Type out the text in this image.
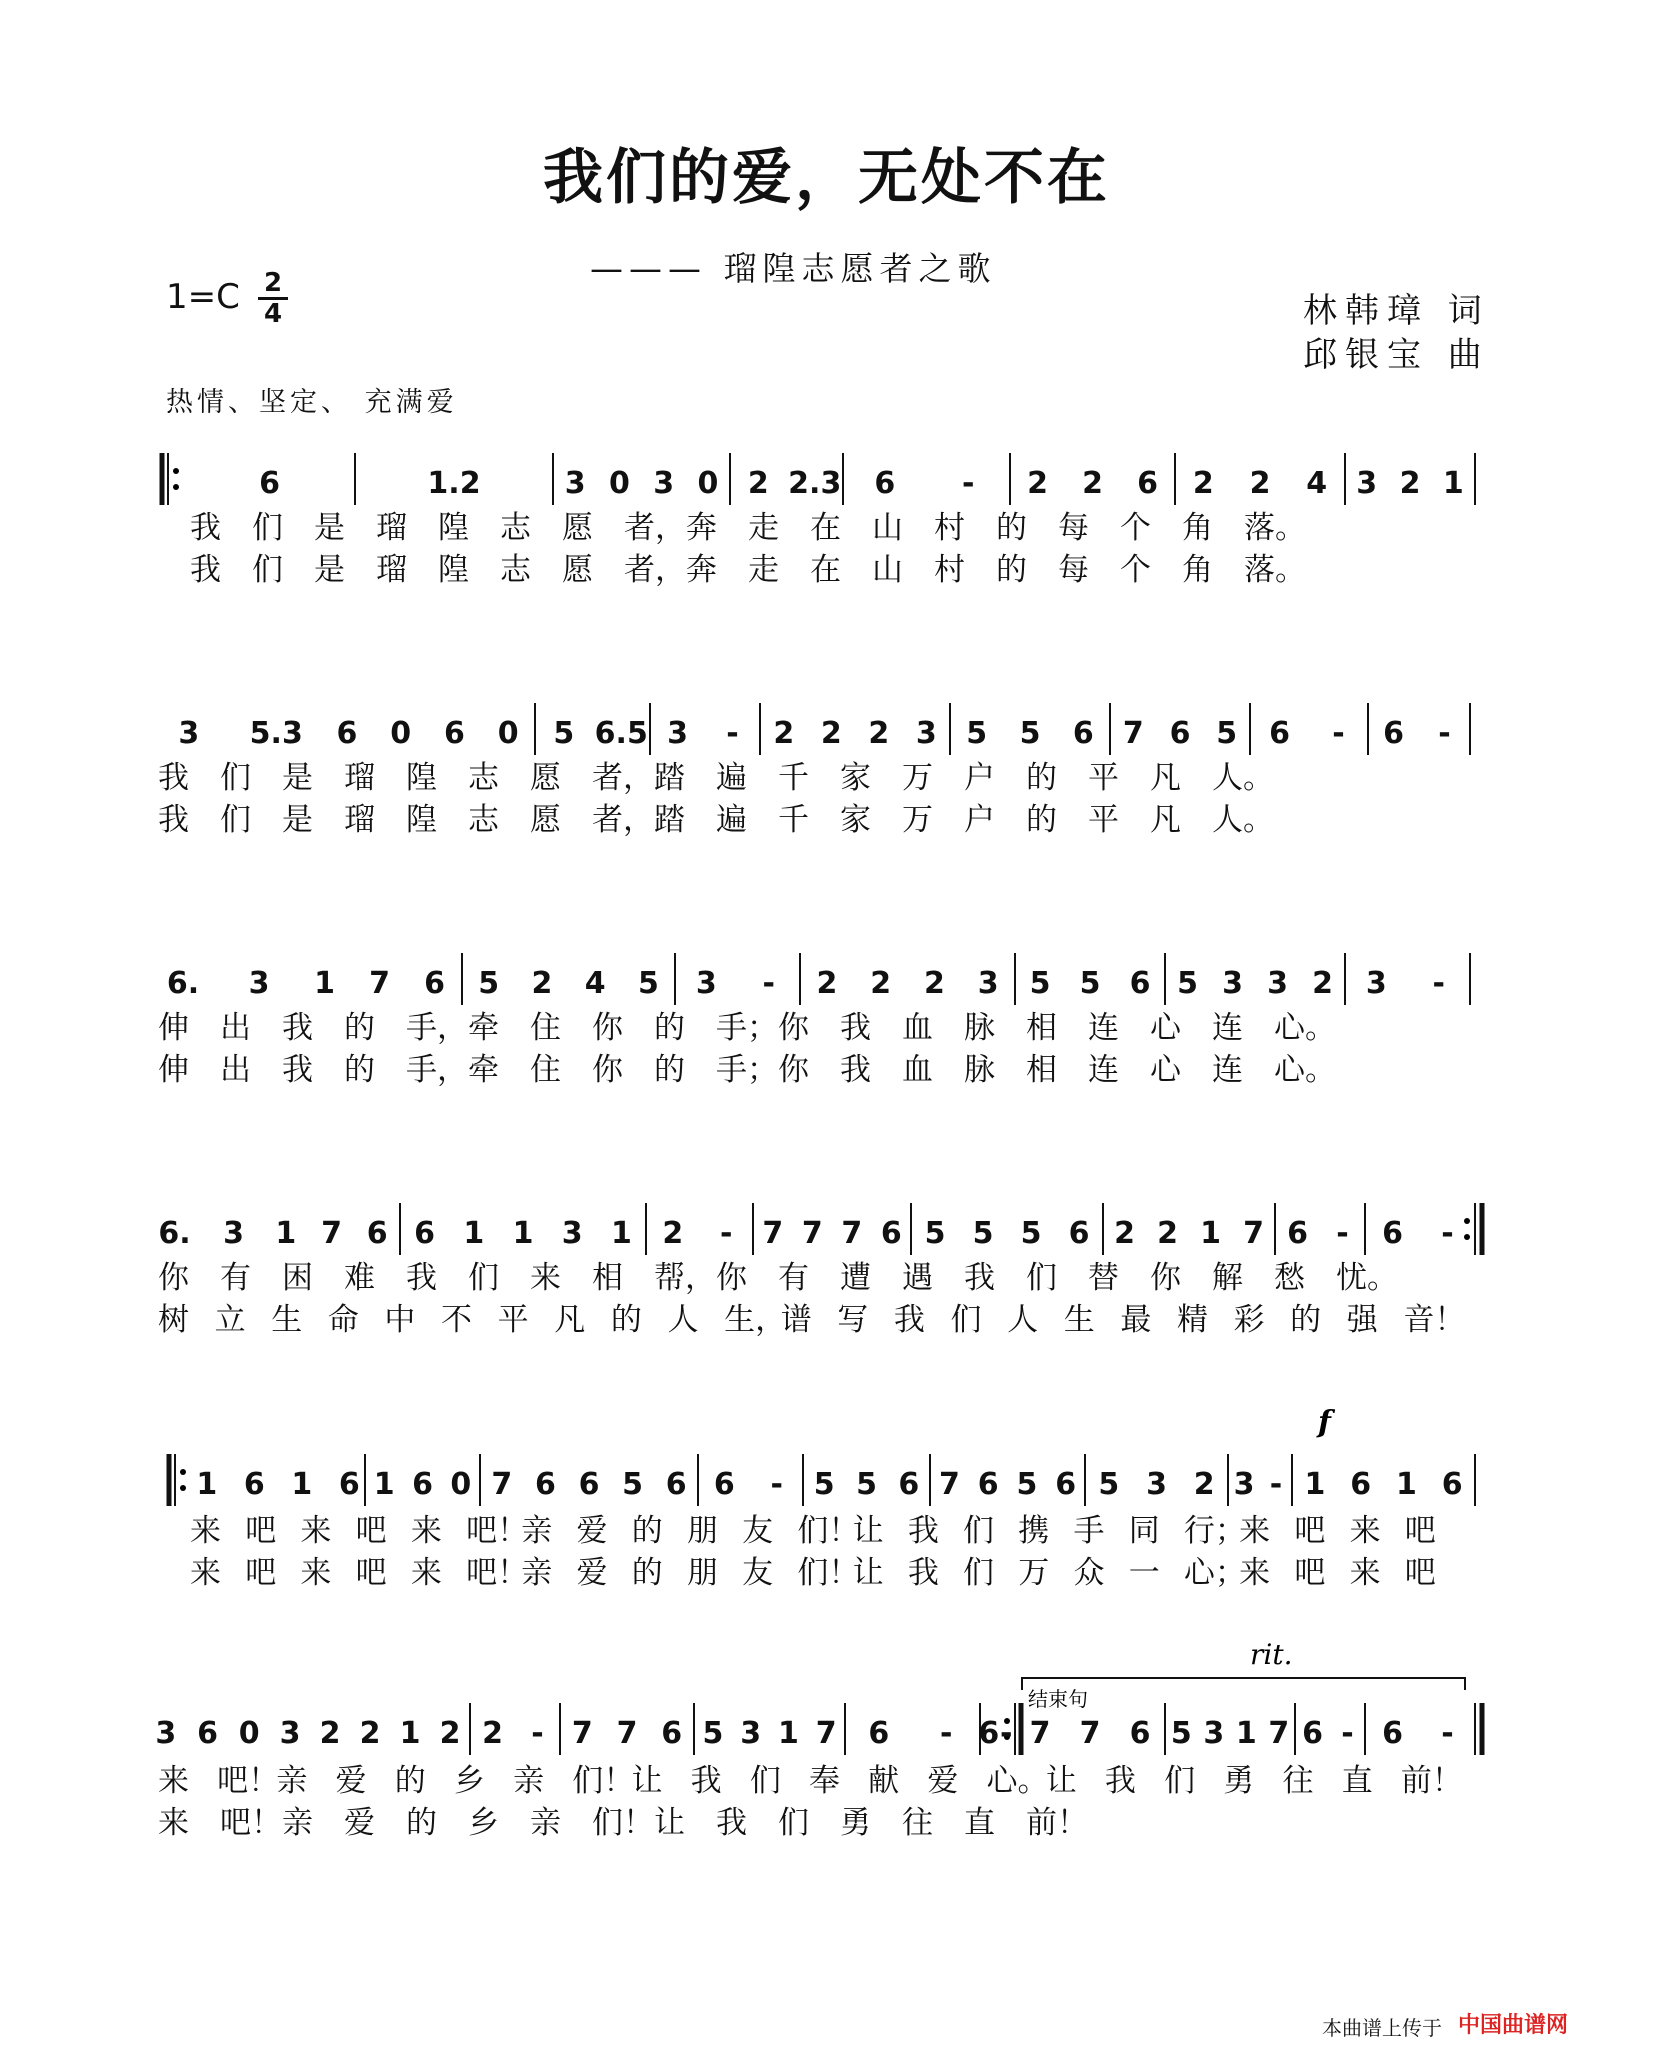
我们的爱，无处不在
——— 瑠隍志愿者之歌
1=C 2
4	林韩璋 词
邱银宝 曲
热情、坚定、 充满爱
6	1.2	3 0 3 0 2 2.3 6 - 2 2 6 2 2 4 3 2 1
3 5.3 6 0 6 0 5 6.5 3 - 2 2 2 3 5 5 6 7 6 5 6 - 6 -
6. 3 1 7 6 5 2 4 5 3 - 2 2 2 3 5 5 6 5 3 3 2 3 -
6. 3 1 7 6 6 1 1 3 1 2 - 7 7 7 6 5 5 5 6 2 2 1 7 6 - 6 -
1 6 1 6 1 6 0 7 6 6 5 6 6 - 5 5 6 7 6 5 6 5 3 2 3 - 1 6 1 6
f
3 6 0 3 2 2 1 2 2 - 7 7 6 5 3 1 7 6 - 6 - 7 7 6 5 3 1 7 6 - 6 -
结束句
rit.
我 们 是 瑠 隍 志 愿 者， 奔 走 在 山 村 的 每 个 角 落。
我 们 是 瑠 隍 志 愿 者， 奔 走 在 山 村 的 每 个 角 落。
我 们 是 瑠 隍 志 愿 者， 踏 遍 千 家 万 户 的 平 凡 人。
我 们 是 瑠 隍 志 愿 者， 踏 遍 千 家 万 户 的 平 凡 人。
伸 出 我 的 手， 牵 住 你 的 手； 你 我 血 脉 相 连 心 连 心。
伸 出 我 的 手， 牵 住 你 的 手； 你 我 血 脉 相 连 心 连 心。
你 有 困 难 我 们 来 相 帮， 你 有 遭 遇 我 们 替 你 解 愁 忧。
树 立 生 命 中 不 平 凡 的 人 生，
谱 写 我 们 人 生 最 精 彩 的 强 音！
来 吧 来 吧 来 吧！
亲 爱 的 朋 友 们！
让 我 们 携 手 同 行；
来 吧 来 吧
来 吧 来 吧 来 吧！
亲 爱 的 朋 友 们！
让 我 们 万 众 一 心；
来 吧 来 吧
来 吧！
亲 爱 的 乡 亲 们！
让 我 们 奉 献 爱 心。
让 我 们 勇 往 直 前！
来 吧！ 亲 爱 的 乡 亲 们！ 让 我 们 勇 往 直 前！
本曲谱上传于 中国曲谱网
